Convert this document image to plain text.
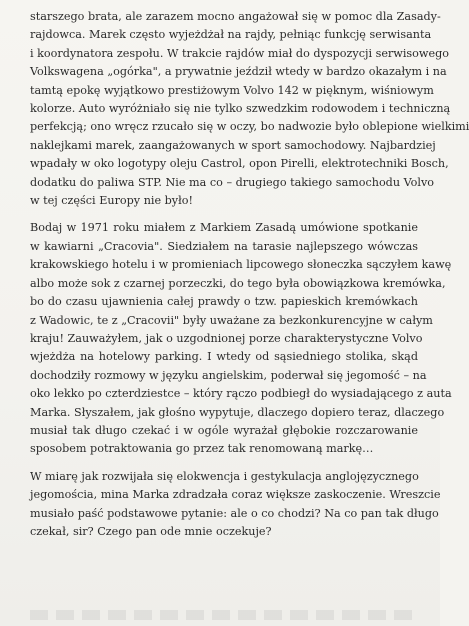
starszego brata, ale zarazem mocno angażował się w pomoc dla Zasady-
rajdowca. Marek często wyjeżdżał na rajdy, pełniąc funkcję serwisanta
i koordynatora zespołu. W trakcie rajdów miał do dyspozycji serwisowego
Volkswagena „ogórka", a prywatnie jeździł wtedy w bardzo okazałym i na
tamtą epokę wyjątkowo prestiżowym Volvo 142 w pięknym, wiśniowym
kolorze. Auto wyróżniało się nie tylko szwedzkim rodowodem i techniczną
perfekcją; ono wręcz rzucało się w oczy, bo nadwozie było oblepione wielkimi
naklejkami marek, zaangażowanych w sport samochodowy. Najbardziej
wpadały w oko logotypy oleju Castrol, opon Pirelli, elektrotechniki Bosch,
dodatku do paliwa STP. Nie ma co – drugiego takiego samochodu Volvo
w tej części Europy nie było!

Bodaj w 1971 roku miałem z Markiem Zasadą umówione spotkanie
w kawiarni „Cracovia". Siedziałem na tarasie najlepszego wówczas
krakowskiego hotelu i w promieniach lipcowego słoneczka sączyłem kawę
albo może sok z czarnej porzeczki, do tego była obowiązkowa kremówka,
bo do czasu ujawnienia całej prawdy o tzw. papieskich kremówkach
z Wadowic, te z „Cracovii" były uważane za bezkonkurencyjne w całym
kraju! Zauważyłem, jak o uzgodnionej porze charakterystyczne Volvo
wjeżdża na hotelowy parking. I wtedy od sąsiedniego stolika, skąd
dochodziły rozmowy w języku angielskim, poderwał się jegomość – na
oko lekko po czterdziestce – który rączo podbiegł do wysiadającego z auta
Marka. Słyszałem, jak głośno wypytuje, dlaczego dopiero teraz, dlaczego
musiał tak długo czekać i w ogóle wyrażał głębokie rozczarowanie
sposobem potraktowania go przez tak renomowaną markę…

W miarę jak rozwijała się elokwencja i gestykulacja anglojęzycznego
jegomościa, mina Marka zdradzała coraz większe zaskoczenie. Wreszcie
musiało paść podstawowe pytanie: ale o co chodzi? Na co pan tak długo
czekał, sir? Czego pan ode mnie oczekuje?
